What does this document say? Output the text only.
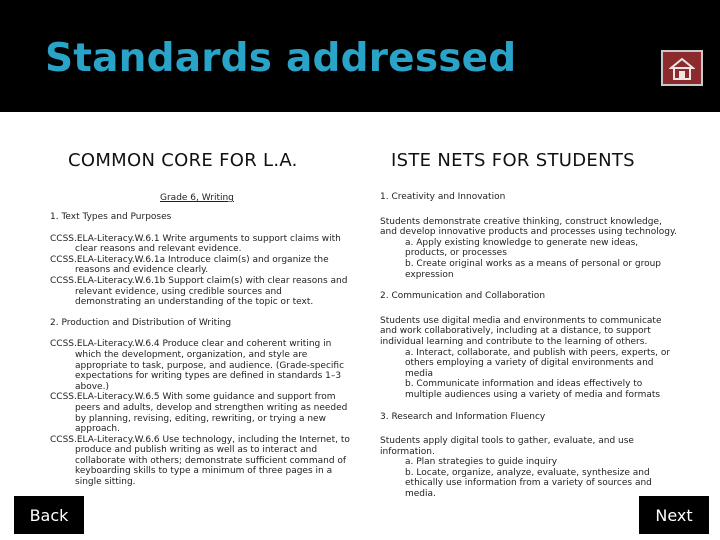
Standards addressed
COMMON CORE FOR L.A.	ISTE NETS FOR STUDENTS
Grade 6, Writing

1. Text Types and Purposes

CCSS.ELA-Literacy.W.6.1 Write arguments to support claims with clear reasons and relevant evidence.

CCSS.ELA-Literacy.W.6.1a Introduce claim(s) and organize the reasons and evidence clearly.

CCSS.ELA-Literacy.W.6.1b Support claim(s) with clear reasons and relevant evidence, using credible sources and demonstrating an understanding of the topic or text.

2. Production and Distribution of Writing

CCSS.ELA-Literacy.W.6.4 Produce clear and coherent writing in which the development, organization, and style are appropriate to task, purpose, and audience. (Grade-specific expectations for writing types are defined in standards 1–3 above.)

CCSS.ELA-Literacy.W.6.5 With some guidance and support from peers and adults, develop and strengthen writing as needed by planning, revising, editing, rewriting, or trying a new approach.

CCSS.ELA-Literacy.W.6.6 Use technology, including the Internet, to produce and publish writing as well as to interact and collaborate with others; demonstrate sufficient command of keyboarding skills to type a minimum of three pages in a single sitting.

1. Creativity and Innovation

Students demonstrate creative thinking, construct knowledge, and develop innovative products and processes using technology.

a. Apply existing knowledge to generate new ideas, products, or processes
b. Create original works as a means of personal or group expression

2. Communication and Collaboration

Students use digital media and environments to communicate and work collaboratively, including at a distance, to support individual learning and contribute to the learning of others.

a. Interact, collaborate, and publish with peers, experts, or others employing a variety of digital environments and media
b. Communicate information and ideas effectively to multiple audiences using a variety of media and formats

3. Research and Information Fluency

Students apply digital tools to gather, evaluate, and use information.

a. Plan strategies to guide inquiry
b. Locate, organize, analyze, evaluate, synthesize and ethically use information from a variety of sources and media.
Back	Next
